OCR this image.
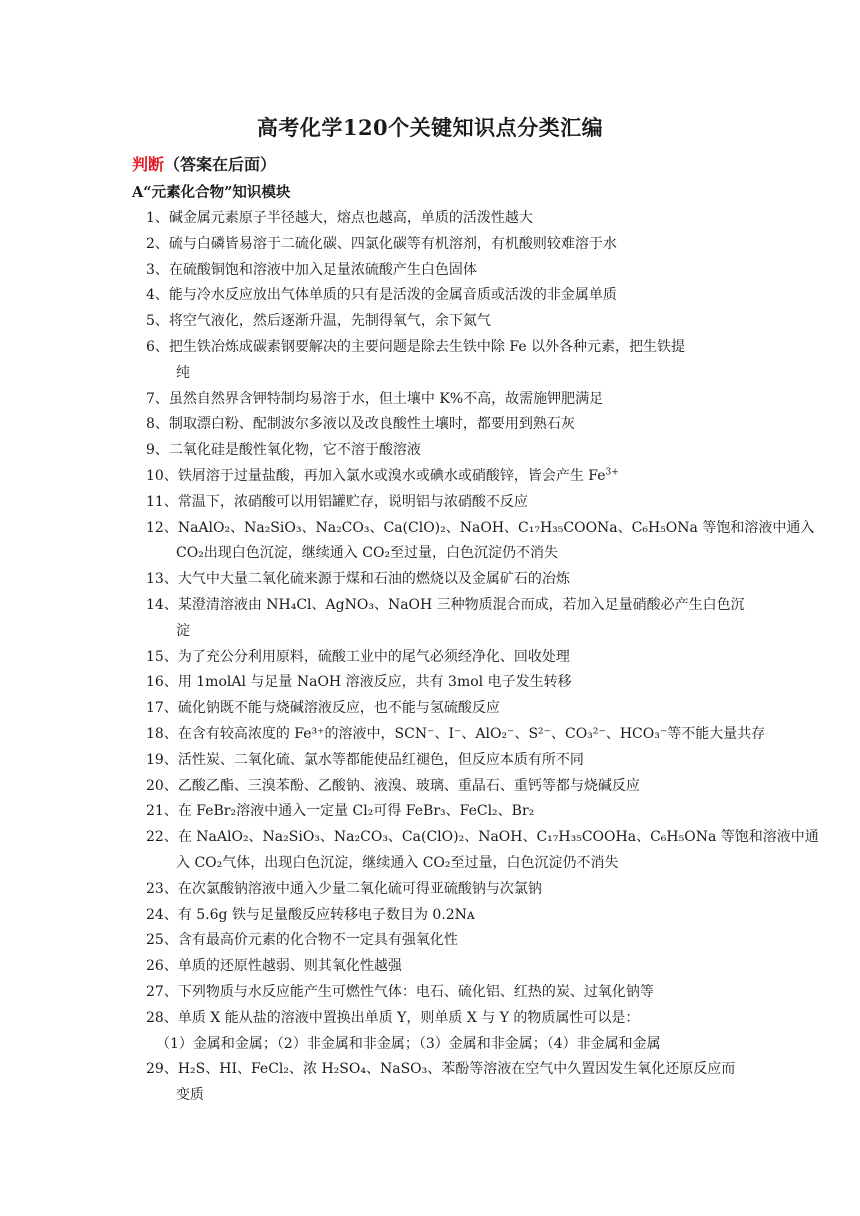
高考化学120个关键知识点分类汇编
判断（答案在后面）
A“元素化合物”知识模块
1、碱金属元素原子半径越大，熔点也越高，单质的活泼性越大
2、硫与白磷皆易溶于二硫化碳、四氯化碳等有机溶剂，有机酸则较难溶于水
3、在硫酸铜饱和溶液中加入足量浓硫酸产生白色固体
4、能与冷水反应放出气体单质的只有是活泼的金属音质或活泼的非金属单质
5、将空气液化，然后逐渐升温，先制得氧气，余下氮气
6、把生铁冶炼成碳素钢要解决的主要问题是除去生铁中除 Fe 以外各种元素，把生铁提
纯
7、虽然自然界含钾特制均易溶于水，但土壤中 K%不高，故需施钾肥满足
8、制取漂白粉、配制波尔多液以及改良酸性土壤时，都要用到熟石灰
9、二氧化硅是酸性氧化物，它不溶于酸溶液
10、铁屑溶于过量盐酸，再加入氯水或溴水或碘水或硝酸锌，皆会产生 $Fe^{3+}$
11、常温下，浓硝酸可以用铝罐贮存，说明铝与浓硝酸不反应
12、NaAlO₂、Na₂SiO₃、Na₂CO₃、Ca(ClO)₂、NaOH、C₁₇H₃₅COONa、C₆H₅ONa 等饱和溶液中通入
CO₂出现白色沉淀，继续通入 CO₂至过量，白色沉淀仍不消失
13、大气中大量二氧化硫来源于煤和石油的燃烧以及金属矿石的冶炼
14、某澄清溶液由 NH₄Cl、AgNO₃、NaOH 三种物质混合而成，若加入足量硝酸必产生白色沉
淀
15、为了充公分利用原料，硫酸工业中的尾气必须经净化、回收处理
16、用 1molAl 与足量 NaOH 溶液反应，共有 3mol 电子发生转移
17、硫化钠既不能与烧碱溶液反应，也不能与氢硫酸反应
18、在含有较高浓度的 Fe³⁺的溶液中，SCN⁻、I⁻、AlO₂⁻、S²⁻、CO₃²⁻、HCO₃⁻等不能大量共存
19、活性炭、二氧化硫、氯水等都能使品红褪色，但反应本质有所不同
20、乙酸乙酯、三溴苯酚、乙酸钠、液溴、玻璃、重晶石、重钙等都与烧碱反应
21、在 FeBr₂溶液中通入一定量 Cl₂可得 FeBr₃、FeCl₂、Br₂
22、在 NaAlO₂、Na₂SiO₃、Na₂CO₃、Ca(ClO)₂、NaOH、C₁₇H₃₅COOHa、C₆H₅ONa 等饱和溶液中通
入 CO₂气体，出现白色沉淀，继续通入 CO₂至过量，白色沉淀仍不消失
23、在次氯酸钠溶液中通入少量二氧化硫可得亚硫酸钠与次氯钠
24、有 5.6g 铁与足量酸反应转移电子数目为 0.2Nᴀ
25、含有最高价元素的化合物不一定具有强氧化性
26、单质的还原性越弱、则其氧化性越强
27、下列物质与水反应能产生可燃性气体：电石、硫化铝、红热的炭、过氧化钠等
28、单质 X 能从盐的溶液中置换出单质 Y，则单质 X 与 Y 的物质属性可以是：
（1）金属和金属；（2）非金属和非金属；（3）金属和非金属；（4）非金属和金属
29、H₂S、HI、FeCl₂、浓 H₂SO₄、NaSO₃、苯酚等溶液在空气中久置因发生氧化还原反应而
变质
